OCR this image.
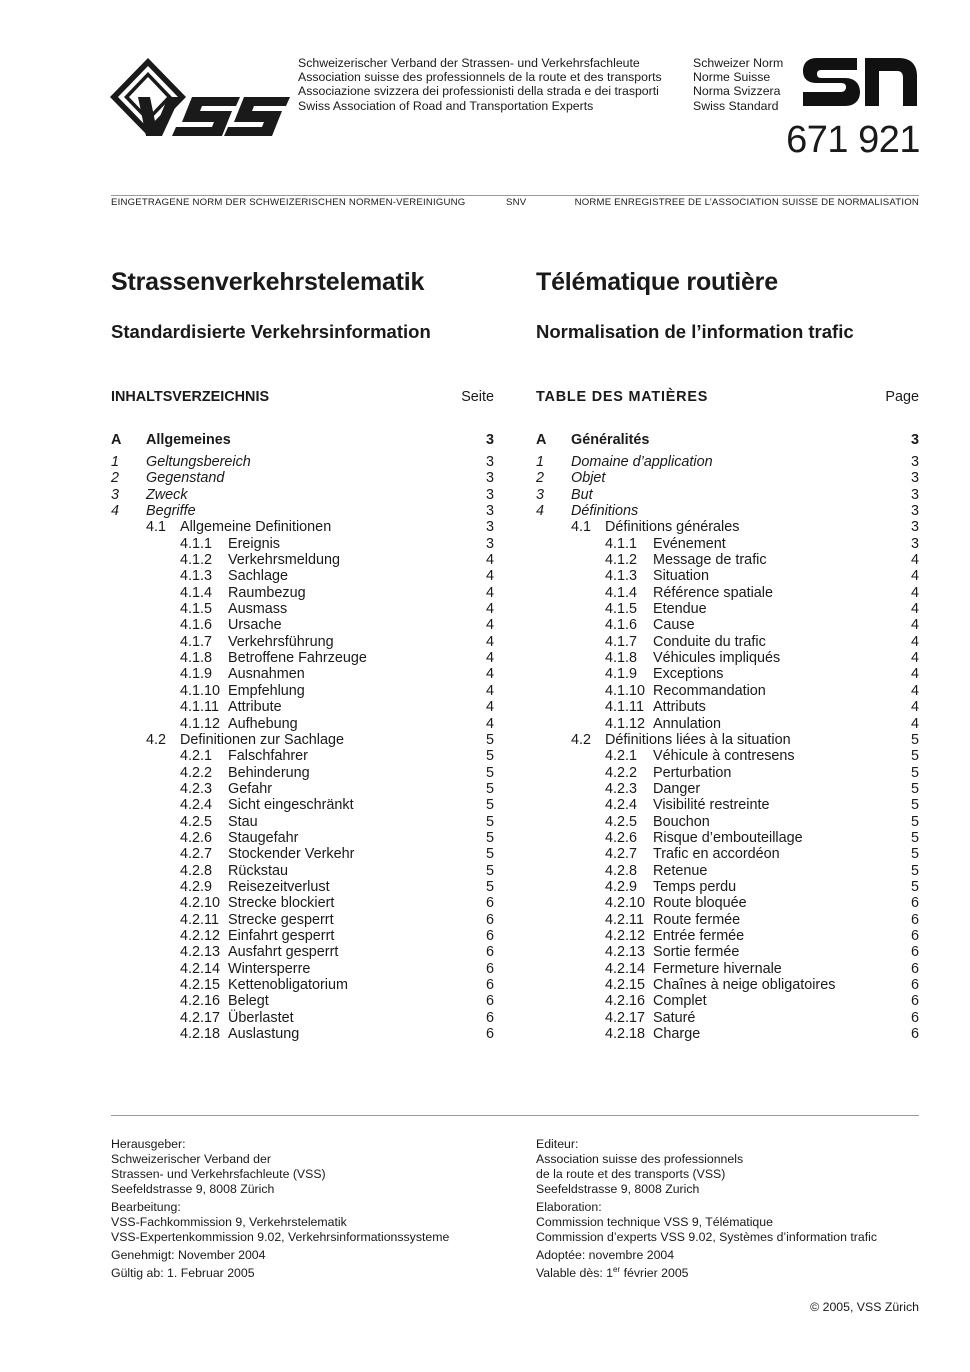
Schweizerischer Verband der Strassen- und Verkehrsfachleute
Association suisse des professionnels de la route et des transports
Associazione svizzera dei professionisti della strada e dei trasporti
Swiss Association of Road and Transportation Experts
Schweizer Norm
Norme Suisse
Norma Svizzera
Swiss Standard
671 921
EINGETRAGENE NORM DER SCHWEIZERISCHEN NORMEN-VEREINIGUNG	SNV	NORME ENREGISTREE DE L’ASSOCIATION SUISSE DE NORMALISATION
Strassenverkehrstelematik
Standardisierte Verkehrsinformation
Télématique routière
Normalisation de l’information trafic
INHALTSVERZEICHNIS	Seite
A Allgemeines	3
1 Geltungsbereich	3
2 Gegenstand	3
3 Zweck	3
4 Begriffe	3
4.1 Allgemeine Definitionen	3
4.1.1 Ereignis	3
4.1.2 Verkehrsmeldung	4
4.1.3 Sachlage	4
4.1.4 Raumbezug	4
4.1.5 Ausmass	4
4.1.6 Ursache	4
4.1.7 Verkehrsführung	4
4.1.8 Betroffene Fahrzeuge	4
4.1.9 Ausnahmen	4
4.1.10 Empfehlung	4
4.1.11 Attribute	4
4.1.12 Aufhebung	4
4.2 Definitionen zur Sachlage	5
4.2.1 Falschfahrer	5
4.2.2 Behinderung	5
4.2.3 Gefahr	5
4.2.4 Sicht eingeschränkt	5
4.2.5 Stau	5
4.2.6 Staugefahr	5
4.2.7 Stockender Verkehr	5
4.2.8 Rückstau	5
4.2.9 Reisezeitverlust	5
4.2.10 Strecke blockiert	6
4.2.11 Strecke gesperrt	6
4.2.12 Einfahrt gesperrt	6
4.2.13 Ausfahrt gesperrt	6
4.2.14 Wintersperre	6
4.2.15 Kettenobligatorium	6
4.2.16 Belegt	6
4.2.17 Überlastet	6
4.2.18 Auslastung	6
TABLE DES MATIÈRES	Page
A Généralités	3
1 Domaine d’application	3
2 Objet	3
3 But	3
4 Définitions	3
4.1 Définitions générales	3
4.1.1 Evénement	3
4.1.2 Message de trafic	4
4.1.3 Situation	4
4.1.4 Référence spatiale	4
4.1.5 Etendue	4
4.1.6 Cause	4
4.1.7 Conduite du trafic	4
4.1.8 Véhicules impliqués	4
4.1.9 Exceptions	4
4.1.10 Recommandation	4
4.1.11 Attributs	4
4.1.12 Annulation	4
4.2 Définitions liées à la situation	5
4.2.1 Véhicule à contresens	5
4.2.2 Perturbation	5
4.2.3 Danger	5
4.2.4 Visibilité restreinte	5
4.2.5 Bouchon	5
4.2.6 Risque d’embouteillage	5
4.2.7 Trafic en accordéon	5
4.2.8 Retenue	5
4.2.9 Temps perdu	5
4.2.10 Route bloquée	6
4.2.11 Route fermée	6
4.2.12 Entrée fermée	6
4.2.13 Sortie fermée	6
4.2.14 Fermeture hivernale	6
4.2.15 Chaînes à neige obligatoires	6
4.2.16 Complet	6
4.2.17 Saturé	6
4.2.18 Charge	6
Herausgeber:
Schweizerischer Verband der
Strassen- und Verkehrsfachleute (VSS)
Seefeldstrasse 9, 8008 Zürich
Bearbeitung:
VSS-Fachkommission 9, Verkehrstelematik
VSS-Expertenkommission 9.02, Verkehrsinformationssysteme
Genehmigt: November 2004
Gültig ab: 1. Februar 2005
Editeur:
Association suisse des professionnels
de la route et des transports (VSS)
Seefeldstrasse 9, 8008 Zurich
Elaboration:
Commission technique VSS 9, Télématique
Commission d’experts VSS 9.02, Systèmes d’information trafic
Adoptée: novembre 2004
Valable dès: 1er février 2005
© 2005, VSS Zürich
